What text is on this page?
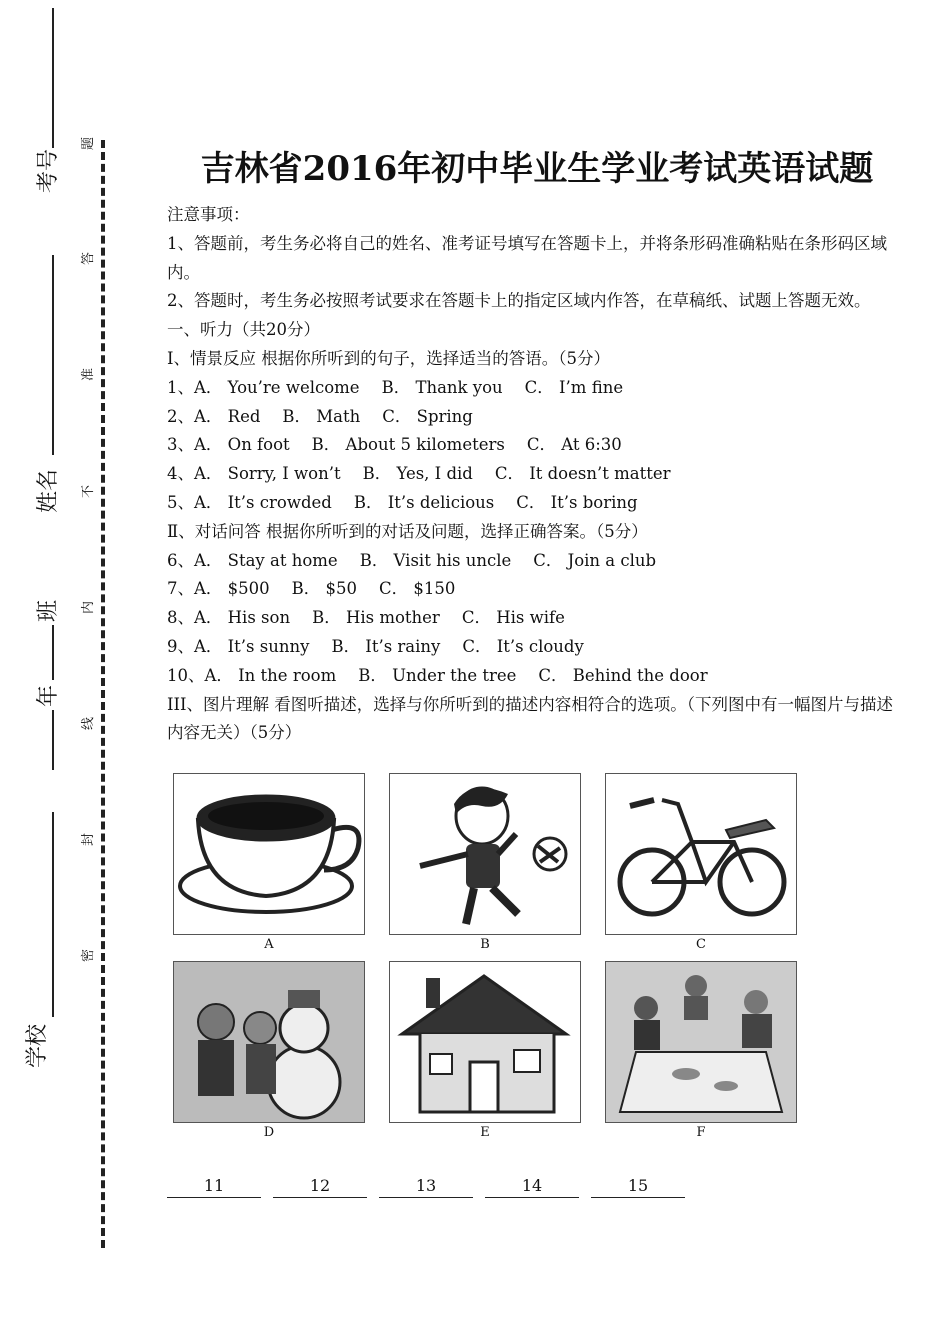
考号
姓名
班
年
学校
题
答
准
不
内
线
封
密
吉林省2016年初中毕业生学业考试英语试题

注意事项：

1、答题前，考生务必将自己的姓名、准考证号填写在答题卡上，并将条形码准确粘贴在条形码区域内。

2、答题时，考生务必按照考试要求在答题卡上的指定区域内作答，在草稿纸、试题上答题无效。

一、听力（共20分）

Ⅰ、情景反应 根据你所听到的句子，选择适当的答语。（5分）

1、 A． You’re welcome B． Thank you C． I’m fine
2、 A． Red B． Math C． Spring
3、 A． On foot B． About 5 kilometers C． At 6:30
4、 A． Sorry, I won’t B． Yes, I did C． It doesn’t matter
5、 A． It’s crowded B． It’s delicious C． It’s boring

Ⅱ、对话问答 根据你所听到的对话及问题，选择正确答案。（5分）

6、 A． Stay at home B． Visit his uncle C． Join a club
7、 A． $500 B． $50 C． $150
8、 A． His son B． His mother C． His wife
9、 A． It’s sunny B． It’s rainy C． It’s cloudy
10、 A． In the room B． Under the tree C． Behind the door

III、图片理解 看图听描述，选择与你所听到的描述内容相符合的选项。（下列图中有一幅图片与描述内容无关）（5分）

A	B	C
D	E	F
11	12	13	14	15
